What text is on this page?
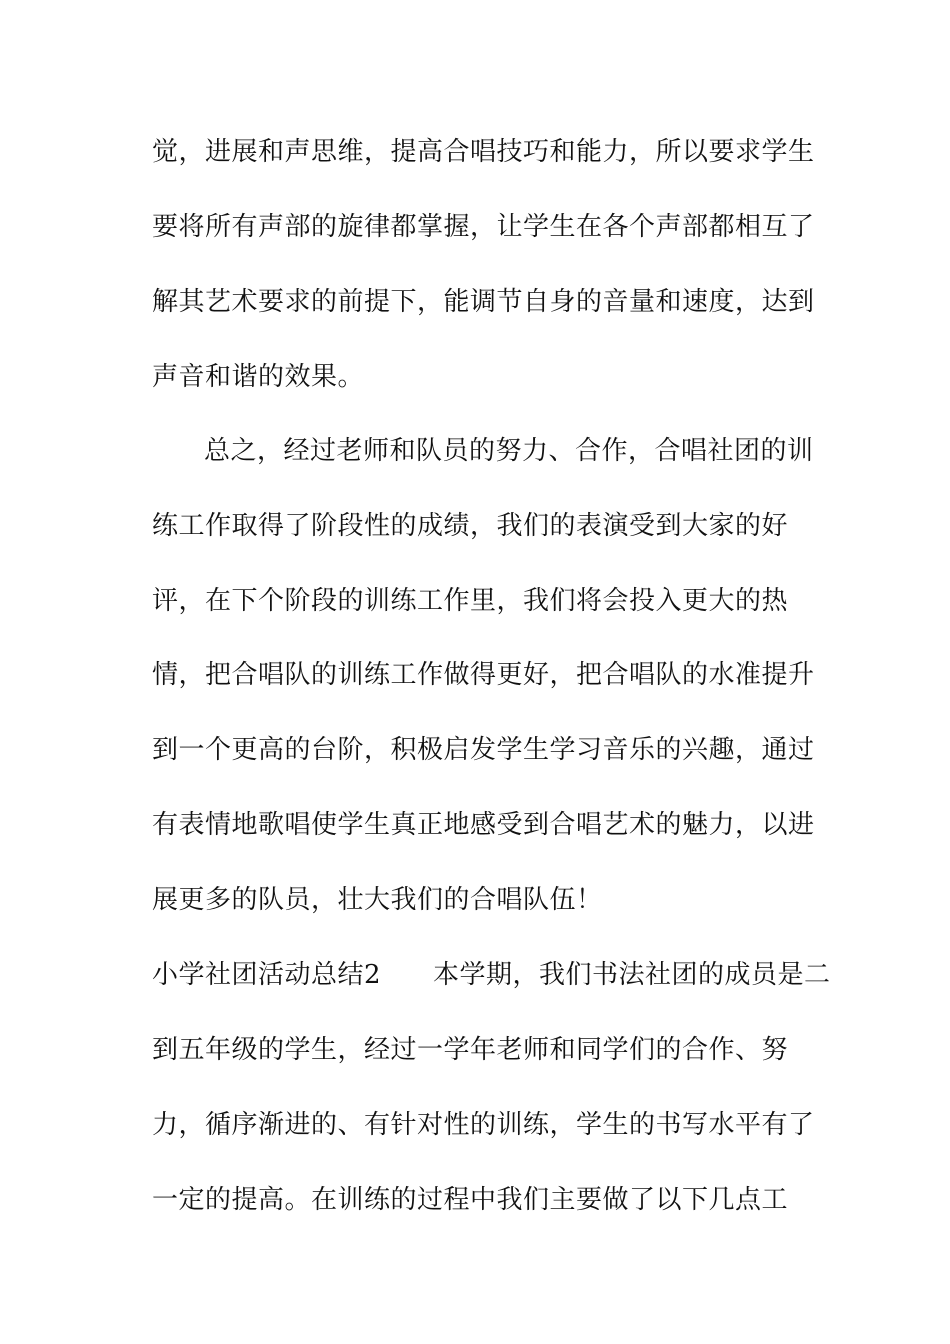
觉，进展和声思维，提高合唱技巧和能力，所以要求学生
要将所有声部的旋律都掌握，让学生在各个声部都相互了
解其艺术要求的前提下，能调节自身的音量和速度，达到
声音和谐的效果。
总之，经过老师和队员的努力、合作，合唱社团的训
练工作取得了阶段性的成绩，我们的表演受到大家的好
评，在下个阶段的训练工作里，我们将会投入更大的热
情，把合唱队的训练工作做得更好，把合唱队的水准提升
到一个更高的台阶，积极启发学生学习音乐的兴趣，通过
有表情地歌唱使学生真正地感受到合唱艺术的魅力，以进
展更多的队员，壮大我们的合唱队伍！
小学社团活动总结2 本学期，我们书法社团的成员是二
到五年级的学生，经过一学年老师和同学们的合作、努
力，循序渐进的、有针对性的训练，学生的书写水平有了
一定的提高。在训练的过程中我们主要做了以下几点工
